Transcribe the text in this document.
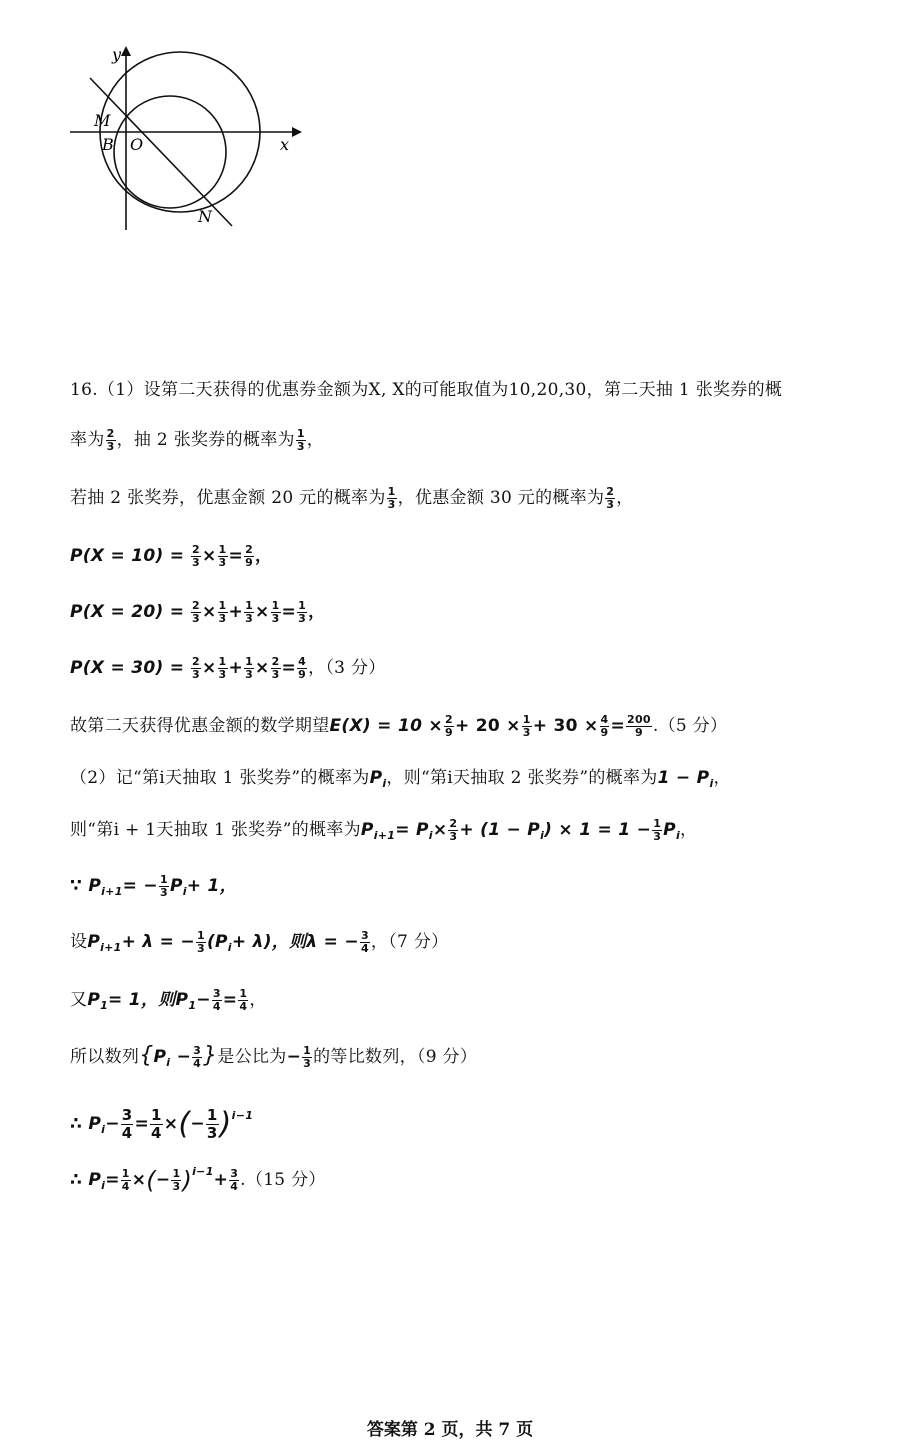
y
x
M
B O
N
16.（1）设第二天获得的优惠券金额为X, X的可能取值为10,20,30，第二天抽 1 张奖券的概
率为 $\frac{2}{3}$ ，抽 2 张奖券的概率为 $\frac{1}{3}$ ，
若抽 2 张奖券，优惠金额 20 元的概率为 $\frac{1}{3}$ ，优惠金额 30 元的概率为 $\frac{2}{3}$ ，
$P(X = 10) = \frac{2}{3} \times \frac{1}{3} = \frac{2}{9}$ ，
$P(X = 20) = \frac{2}{3} \times \frac{1}{3} + \frac{1}{3} \times \frac{1}{3} = \frac{1}{3}$ ，
$P(X = 30) = \frac{2}{3} \times \frac{1}{3} + \frac{1}{3} \times \frac{2}{3} = \frac{4}{9}$ ，（3 分）
故第二天获得优惠金额的数学期望$E(X) = 10 \times \frac{2}{9} + 20 \times \frac{1}{3} + 30 \times \frac{4}{9} = \frac{200}{9} .(5$ 分）
（2）记“第i天抽取 1 张奖券”的概率为$P_i$，则“第i天抽取 2 张奖券”的概率为$1 - P_i$，
则“第i + 1天抽取 1 张奖券”的概率为$P_{i+1}= P_i\times \frac{2}{3} + (1 - P_i) \times 1 = 1 - \frac{1}{3} P_i$，
∵ $P_{i+1}= - \frac{1}{3} P_i+ 1$，
设$P_{i+1}+ \lambda$ = − $\frac{1}{3} (P_i+ \lambda)$，则λ = − $\frac{3}{4}$ ，（7 分）
又$P_1= 1$，则$P_1- \frac{3}{4} = \frac{1}{4}$ ，
所以数列{$P_i - \frac{3}{4}$ }是公比为− $\frac{1}{3}$ 的等比数列，（9 分）
∴ $P_i- \frac{3}{4} = \frac{1}{4}$ ×(− $\frac{1}{3} )^{i-1}$
∴ $P_i= \frac{1}{4}$ ×(− $\frac{1}{3} )^{i-1}+ \frac{3}{4} .(15$ 分）
答案第 2 页，共 7 页
